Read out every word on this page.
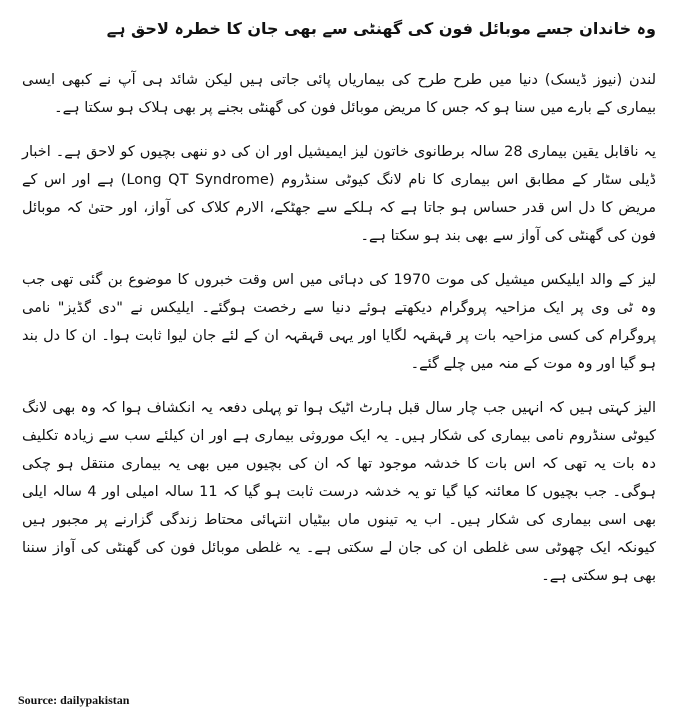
وہ خاندان جسے موبائل فون کی گھنٹی سے بھی جان کا خطرہ لاحق ہے

لندن (نیوز ڈیسک) دنیا میں طرح طرح کی بیماریاں پائی جاتی ہیں لیکن شائد ہی آپ نے کبھی ایسی بیماری کے بارے میں سنا ہو کہ جس کا مریض موبائل فون کی گھنٹی بجنے پر بھی ہلاک ہو سکتا ہے۔

یہ ناقابل یقین بیماری 28 سالہ برطانوی خاتون لیز ایمیشیل اور ان کی دو ننھی بچیوں کو لاحق ہے۔ اخبار ڈیلی سٹار کے مطابق اس بیماری کا نام لانگ کیوٹی سنڈروم (Long QT Syndrome) ہے اور اس کے مریض کا دل اس قدر حساس ہو جاتا ہے کہ ہلکے سے جھٹکے، الارم کلاک کی آواز، اور حتیٰ کہ موبائل فون کی گھنٹی کی آواز سے بھی بند ہو سکتا ہے۔

لیز کے والد ایلیکس میشیل کی موت 1970 کی دہائی میں اس وقت خبروں کا موضوع بن گئی تھی جب وہ ٹی وی پر ایک مزاحیہ پروگرام دیکھتے ہوئے دنیا سے رخصت ہوگئے۔ ایلیکس نے "دی گڈیز" نامی پروگرام کی کسی مزاحیہ بات پر قہقہہ لگایا اور یہی قہقہہ ان کے لئے جان لیوا ثابت ہوا۔ ان کا دل بند ہو گیا اور وہ موت کے منہ میں چلے گئے۔

الیز کہتی ہیں کہ انہیں جب چار سال قبل ہارٹ اٹیک ہوا تو پہلی دفعہ یہ انکشاف ہوا کہ وہ بھی لانگ کیوٹی سنڈروم نامی بیماری کی شکار ہیں۔ یہ ایک موروثی بیماری ہے اور ان کیلئے سب سے زیادہ تکلیف دہ بات یہ تھی کہ اس بات کا خدشہ موجود تھا کہ ان کی بچیوں میں بھی یہ بیماری منتقل ہو چکی ہوگی۔ جب بچیوں کا معائنہ کیا گیا تو یہ خدشہ درست ثابت ہو گیا کہ 11 سالہ امیلی اور 4 سالہ ایلی بھی اسی بیماری کی شکار ہیں۔ اب یہ تینوں ماں بیٹیاں انتہائی محتاط زندگی گزارنے پر مجبور ہیں کیونکہ ایک چھوٹی سی غلطی ان کی جان لے سکتی ہے۔ یہ غلطی موبائل فون کی گھنٹی کی آواز سننا بھی ہو سکتی ہے۔

Source: dailypakistan
